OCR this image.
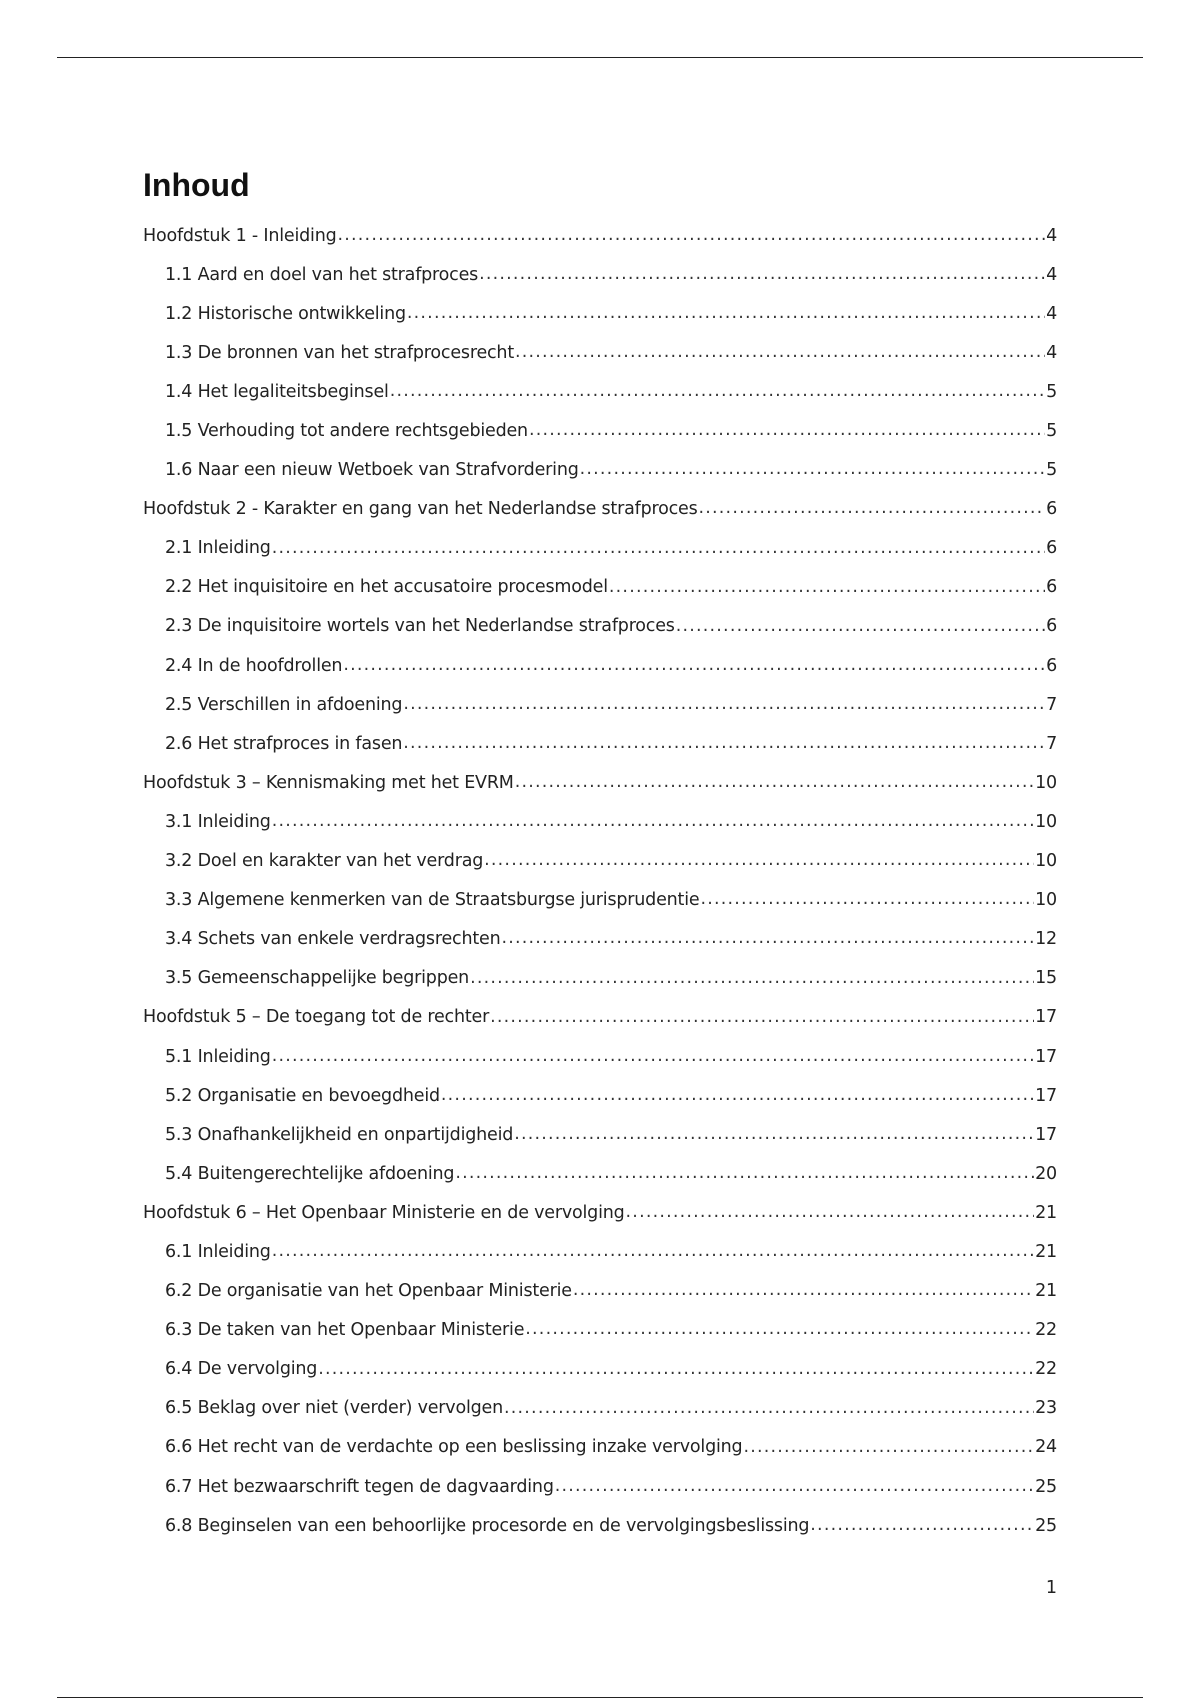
Inhoud
Hoofdstuk 1 - Inleiding .....	4
1.1 Aard en doel van het strafproces .....	4
1.2 Historische ontwikkeling .....	4
1.3 De bronnen van het strafprocesrecht .....	4
1.4 Het legaliteitsbeginsel .....	5
1.5 Verhouding tot andere rechtsgebieden .....	5
1.6 Naar een nieuw Wetboek van Strafvordering .....	5
Hoofdstuk 2 - Karakter en gang van het Nederlandse strafproces .....	6
2.1 Inleiding .....	6
2.2 Het inquisitoire en het accusatoire procesmodel .....	6
2.3 De inquisitoire wortels van het Nederlandse strafproces .....	6
2.4 In de hoofdrollen .....	6
2.5 Verschillen in afdoening .....	7
2.6 Het strafproces in fasen .....	7
Hoofdstuk 3 – Kennismaking met het EVRM .....	10
3.1 Inleiding .....	10
3.2 Doel en karakter van het verdrag .....	10
3.3 Algemene kenmerken van de Straatsburgse jurisprudentie .....	10
3.4 Schets van enkele verdragsrechten .....	12
3.5 Gemeenschappelijke begrippen .....	15
Hoofdstuk 5 – De toegang tot de rechter .....	17
5.1 Inleiding .....	17
5.2 Organisatie en bevoegdheid .....	17
5.3 Onafhankelijkheid en onpartijdigheid .....	17
5.4 Buitengerechtelijke afdoening .....	20
Hoofdstuk 6 – Het Openbaar Ministerie en de vervolging .....	21
6.1 Inleiding .....	21
6.2 De organisatie van het Openbaar Ministerie .....	21
6.3 De taken van het Openbaar Ministerie .....	22
6.4 De vervolging .....	22
6.5 Beklag over niet (verder) vervolgen .....	23
6.6 Het recht van de verdachte op een beslissing inzake vervolging .....	24
6.7 Het bezwaarschrift tegen de dagvaarding .....	25
6.8 Beginselen van een behoorlijke procesorde en de vervolgingsbeslissing .....	25
1
